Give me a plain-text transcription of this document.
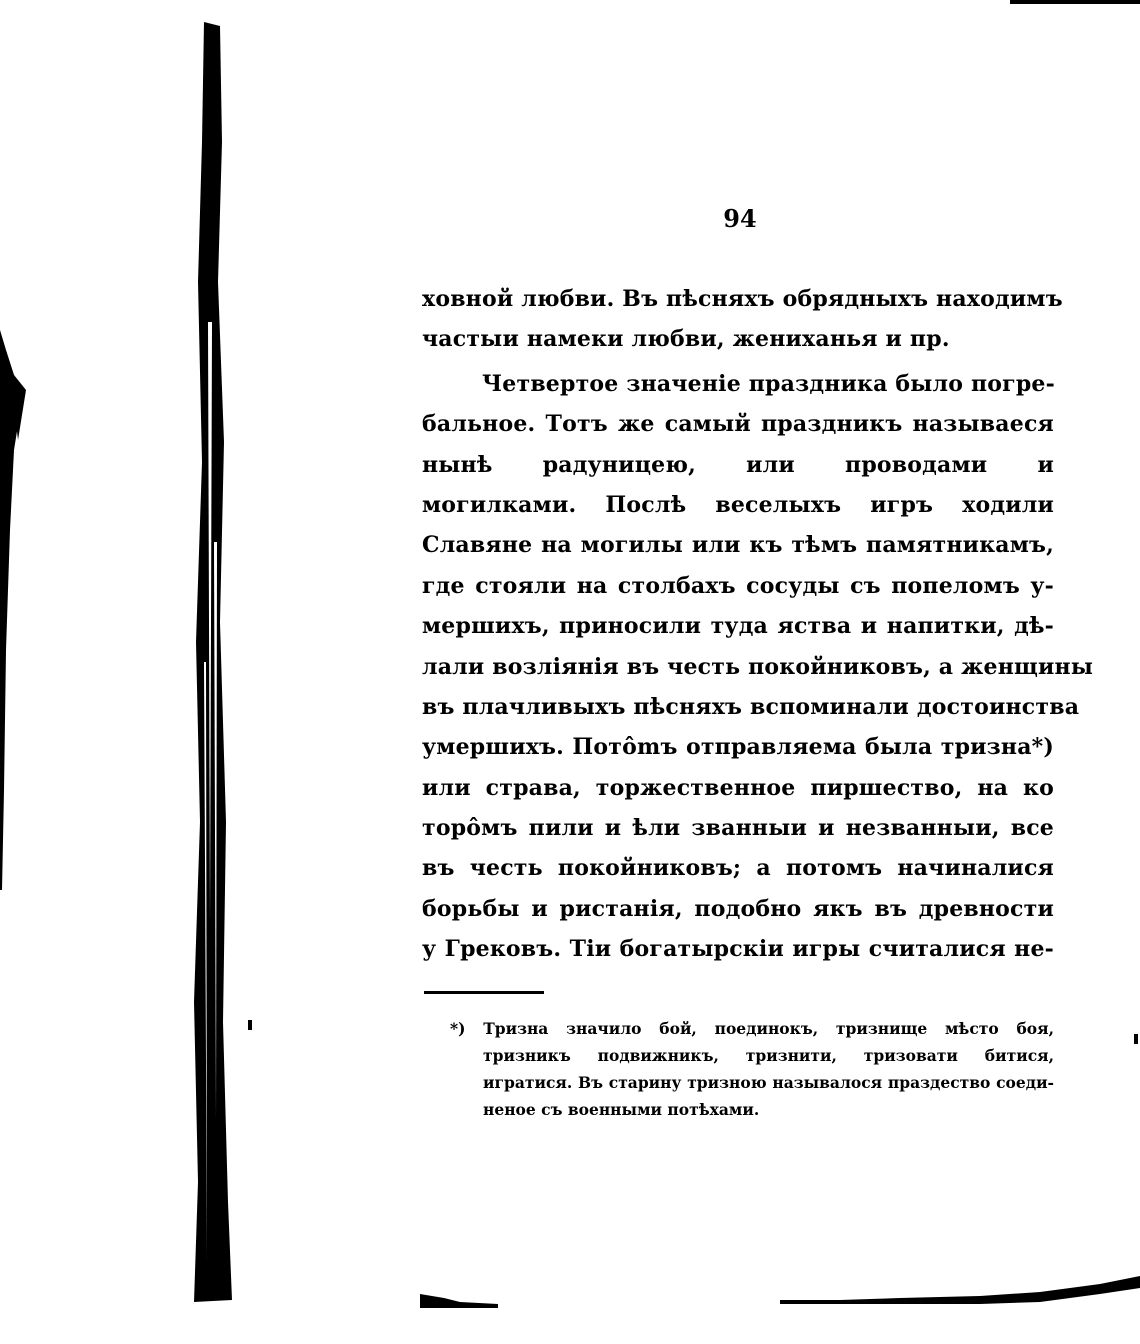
94

ховной любви. Въ пѣсняхъ обрядныхъ находимъ
частыи намеки любви, жениханья и пр.
Четвертое значеніе праздника было погре-
бальное. Тотъ же самый праздникъ называеся
нынѣ радуницею, или проводами и
могилками. Послѣ веселыхъ игръ ходили
Славяне на могилы или къ тѣмъ памятникамъ,
где стояли на столбахъ сосуды съ попеломъ у-
мершихъ, приносили туда яства и напитки, дѣ-
лали возліянія въ честь покойниковъ, а женщины
въ плачливыхъ пѣсняхъ вспоминали достоинства
умершихъ. Потômъ отправляема была тризна*)
или страва, торжественное пиршество, на ко
торôмъ пили и ѣли званныи и незванныи, все
въ честь покойниковъ; а потомъ начиналися
борьбы и ристанія, подобно якъ въ древности
у Грековъ. Тіи богатырскіи игры считалися не-
*) Тризна значило бой, поединокъ, тризнище мѣсто боя,
тризникъ подвижникъ, тризнити, тризовати битися,
игратися. Въ старину тризною называлося праздество соеди-
неное съ военными потѣхами.
